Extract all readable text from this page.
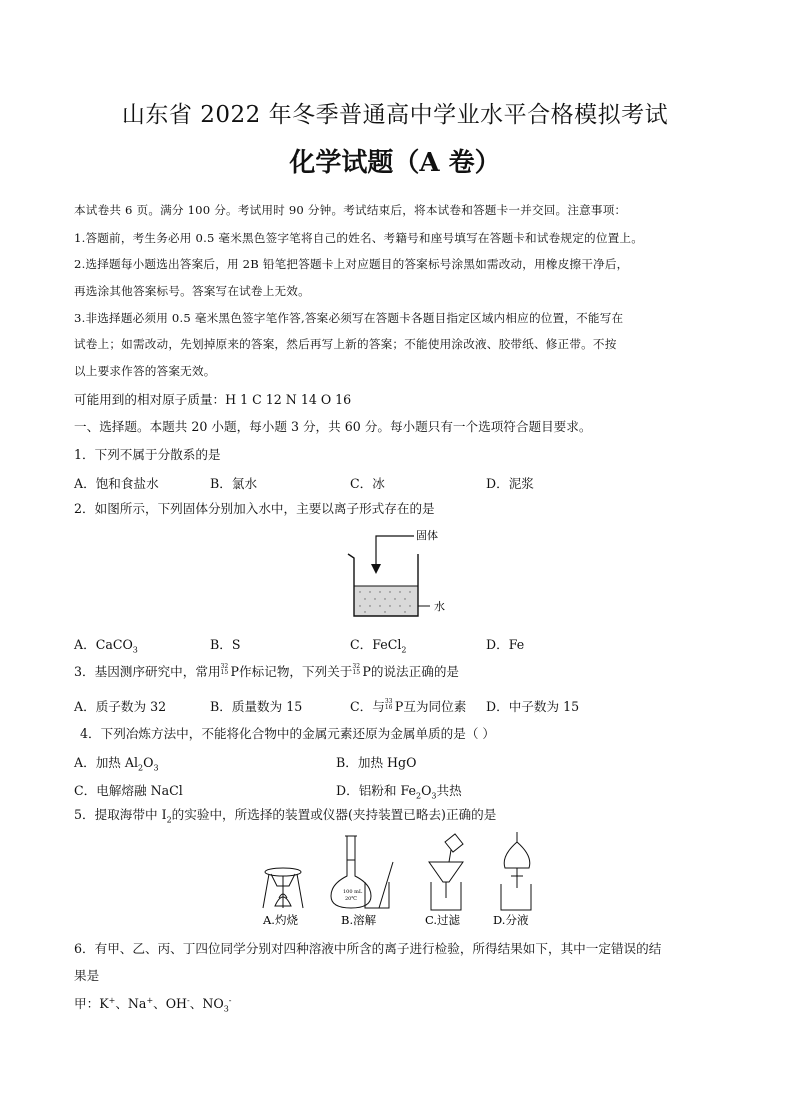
山东省 2022 年冬季普通高中学业水平合格模拟考试
化学试题（A 卷）
本试卷共 6 页。满分 100 分。考试用时 90 分钟。考试结束后，将本试卷和答题卡一并交回。注意事项：
1.答题前，考生务必用 0.5 毫米黑色签字笔将自己的姓名、考籍号和座号填写在答题卡和试卷规定的位置上。
2.选择题每小题选出答案后，用 2B 铅笔把答题卡上对应题目的答案标号涂黑如需改动，用橡皮擦干净后，
再选涂其他答案标号。答案写在试卷上无效。
3.非选择题必须用 0.5 毫米黑色签字笔作答,答案必须写在答题卡各题目指定区域内相应的位置，不能写在
试卷上；如需改动，先划掉原来的答案，然后再写上新的答案；不能使用涂改液、胶带纸、修正带。不按
以上要求作答的答案无效。
可能用到的相对原子质量：H 1 C 12 N 14 O 16
一、选择题。本题共 20 小题，每小题 3 分，共 60 分。每小题只有一个选项符合题目要求。
1．下列不属于分散系的是
A．饱和食盐水	B．氯水	C．冰	D．泥浆
2．如图所示，下列固体分别加入水中，主要以离子形式存在的是
固体
水
A．CaCO$_3$	B．S	C．FeCl$_2$	D．Fe
3．基因测序研究中，常用 32
15 P作标记物，下列关于 32
15 P的说法正确的是
A．质子数为 32	B．质量数为 15	C．与 33
16 P互为同位素 D．中子数为 15
4．下列冶炼方法中，不能将化合物中的金属元素还原为金属单质的是（ ）
A．加热 $Al_2O_3$	B．加热 HgO
C．电解熔融 NaCl	D．铝粉和 $Fe_2O_3$共热
5．提取海带中 $I_2$的实验中，所选择的装置或仪器(夹持装置已略去)正确的是
100 mL
20℃
A.灼烧	B.溶解	C.过滤	D.分液
6．有甲、乙、丙、丁四位同学分别对四种溶液中所含的离子进行检验，所得结果如下，其中一定错误的结
果是
甲：K+、Na+、OH-、$NO_3^-$
